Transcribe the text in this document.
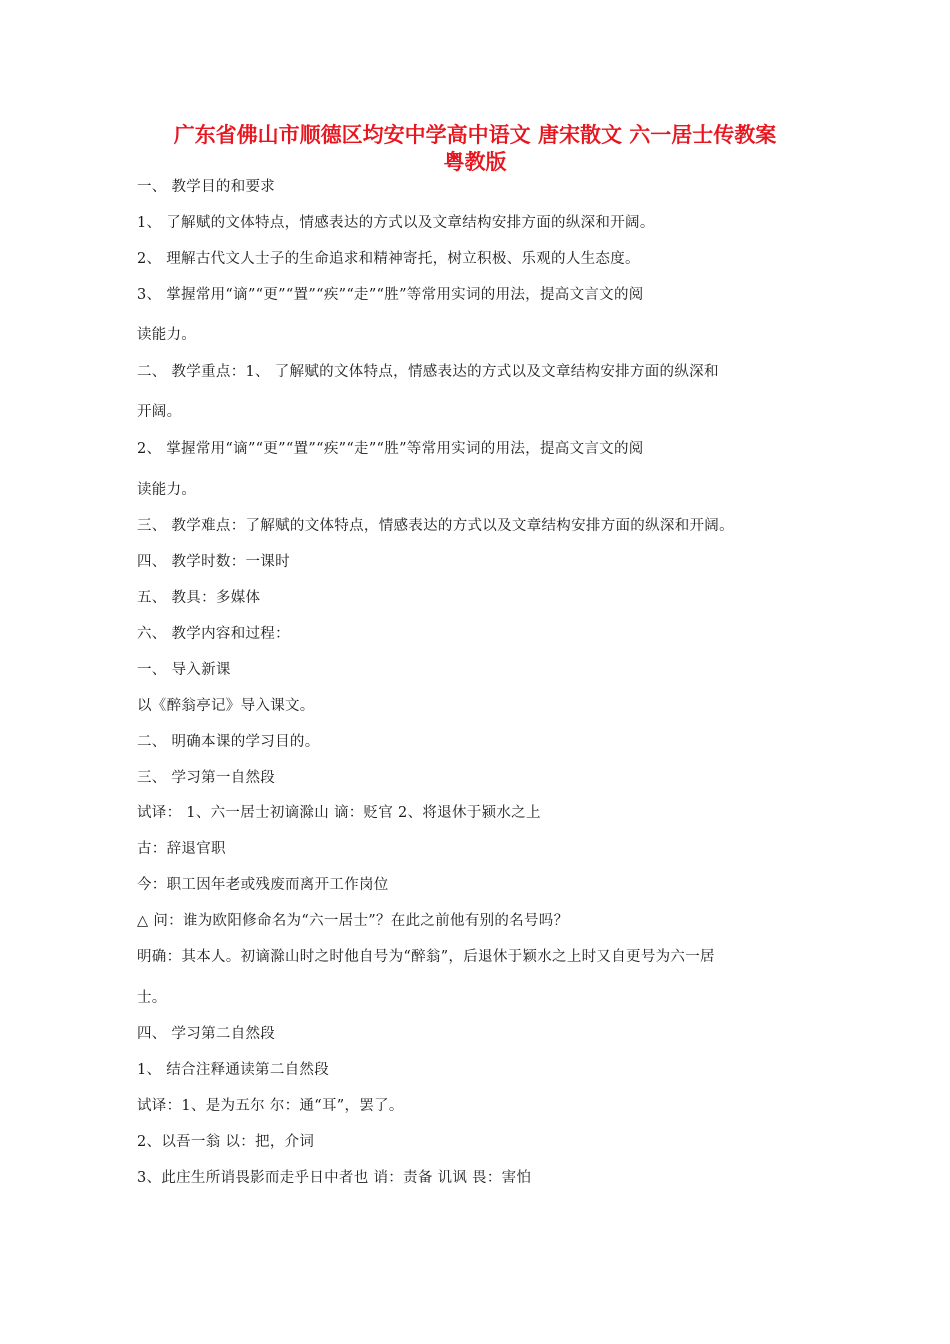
广东省佛山市顺德区均安中学高中语文 唐宋散文 六一居士传教案
粤教版

一、 教学目的和要求

1、 了解赋的文体特点，情感表达的方式以及文章结构安排方面的纵深和开阔。

2、 理解古代文人士子的生命追求和精神寄托，树立积极、乐观的人生态度。

3、 掌握常用“谪”“更”“置”“疾”“走”“胜”等常用实词的用法，提高文言文的阅

读能力。

二、 教学重点：1、 了解赋的文体特点，情感表达的方式以及文章结构安排方面的纵深和

开阔。

2、 掌握常用“谪”“更”“置”“疾”“走”“胜”等常用实词的用法，提高文言文的阅

读能力。

三、 教学难点：了解赋的文体特点，情感表达的方式以及文章结构安排方面的纵深和开阔。

四、 教学时数：一课时

五、 教具：多媒体

六、 教学内容和过程：

一、 导入新课

以《醉翁亭记》导入课文。

二、 明确本课的学习目的。

三、 学习第一自然段

试译： 1、六一居士初谪滁山 谪：贬官 2、将退休于颍水之上

古：辞退官职

今：职工因年老或残废而离开工作岗位

△ 问：谁为欧阳修命名为“六一居士”？在此之前他有别的名号吗？

明确：其本人。初谪滁山时之时他自号为“醉翁”，后退休于颖水之上时又自更号为六一居

士。

四、 学习第二自然段

1、 结合注释通读第二自然段

试译：1、是为五尔 尔：通“耳”，罢了。

2、以吾一翁 以：把，介词

3、此庄生所诮畏影而走乎日中者也 诮：责备 讥讽 畏：害怕
